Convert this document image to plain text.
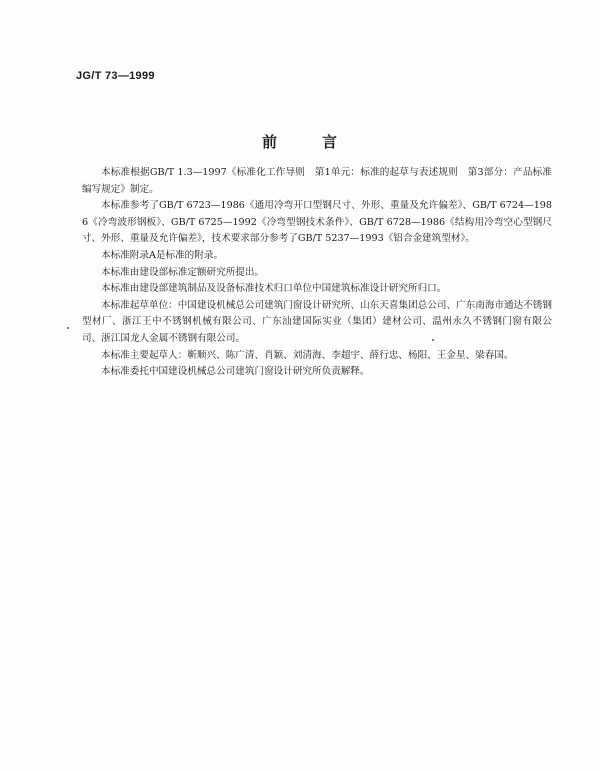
JG/T 73—1999
前	言

本标准根据GB/T 1.3—1997《标准化工作导则　第1单元：标准的起草与表述规则　第3部分：产品标准编写规定》制定。

本标准参考了GB/T 6723—1986《通用冷弯开口型钢尺寸、外形、重量及允许偏差》、GB/T 6724—1986《冷弯波形钢板》、GB/T 6725—1992《冷弯型钢技术条件》、GB/T 6728—1986《结构用冷弯空心型钢尺寸、外形、重量及允许偏差》，技术要求部分参考了GB/T 5237—1993《铝合金建筑型材》。

本标准附录A是标准的附录。

本标准由建设部标准定额研究所提出。

本标准由建设部建筑制品及设备标准技术归口单位中国建筑标准设计研究所归口。

本标准起草单位：中国建设机械总公司建筑门窗设计研究所、山东天喜集团总公司、广东南海市通达不锈钢型材厂、浙江王中不锈钢机械有限公司、广东汕建国际实业（集团）建材公司、温州永久不锈钢门窗有限公司、浙江国龙人金属不锈钢有限公司。

本标准主要起草人：靳顺兴、陈广清、肖颖、刘清海、李超宇、薛行忠、杨阳、王金星、梁春国。

本标准委托中国建设机械总公司建筑门窗设计研究所负责解释。
